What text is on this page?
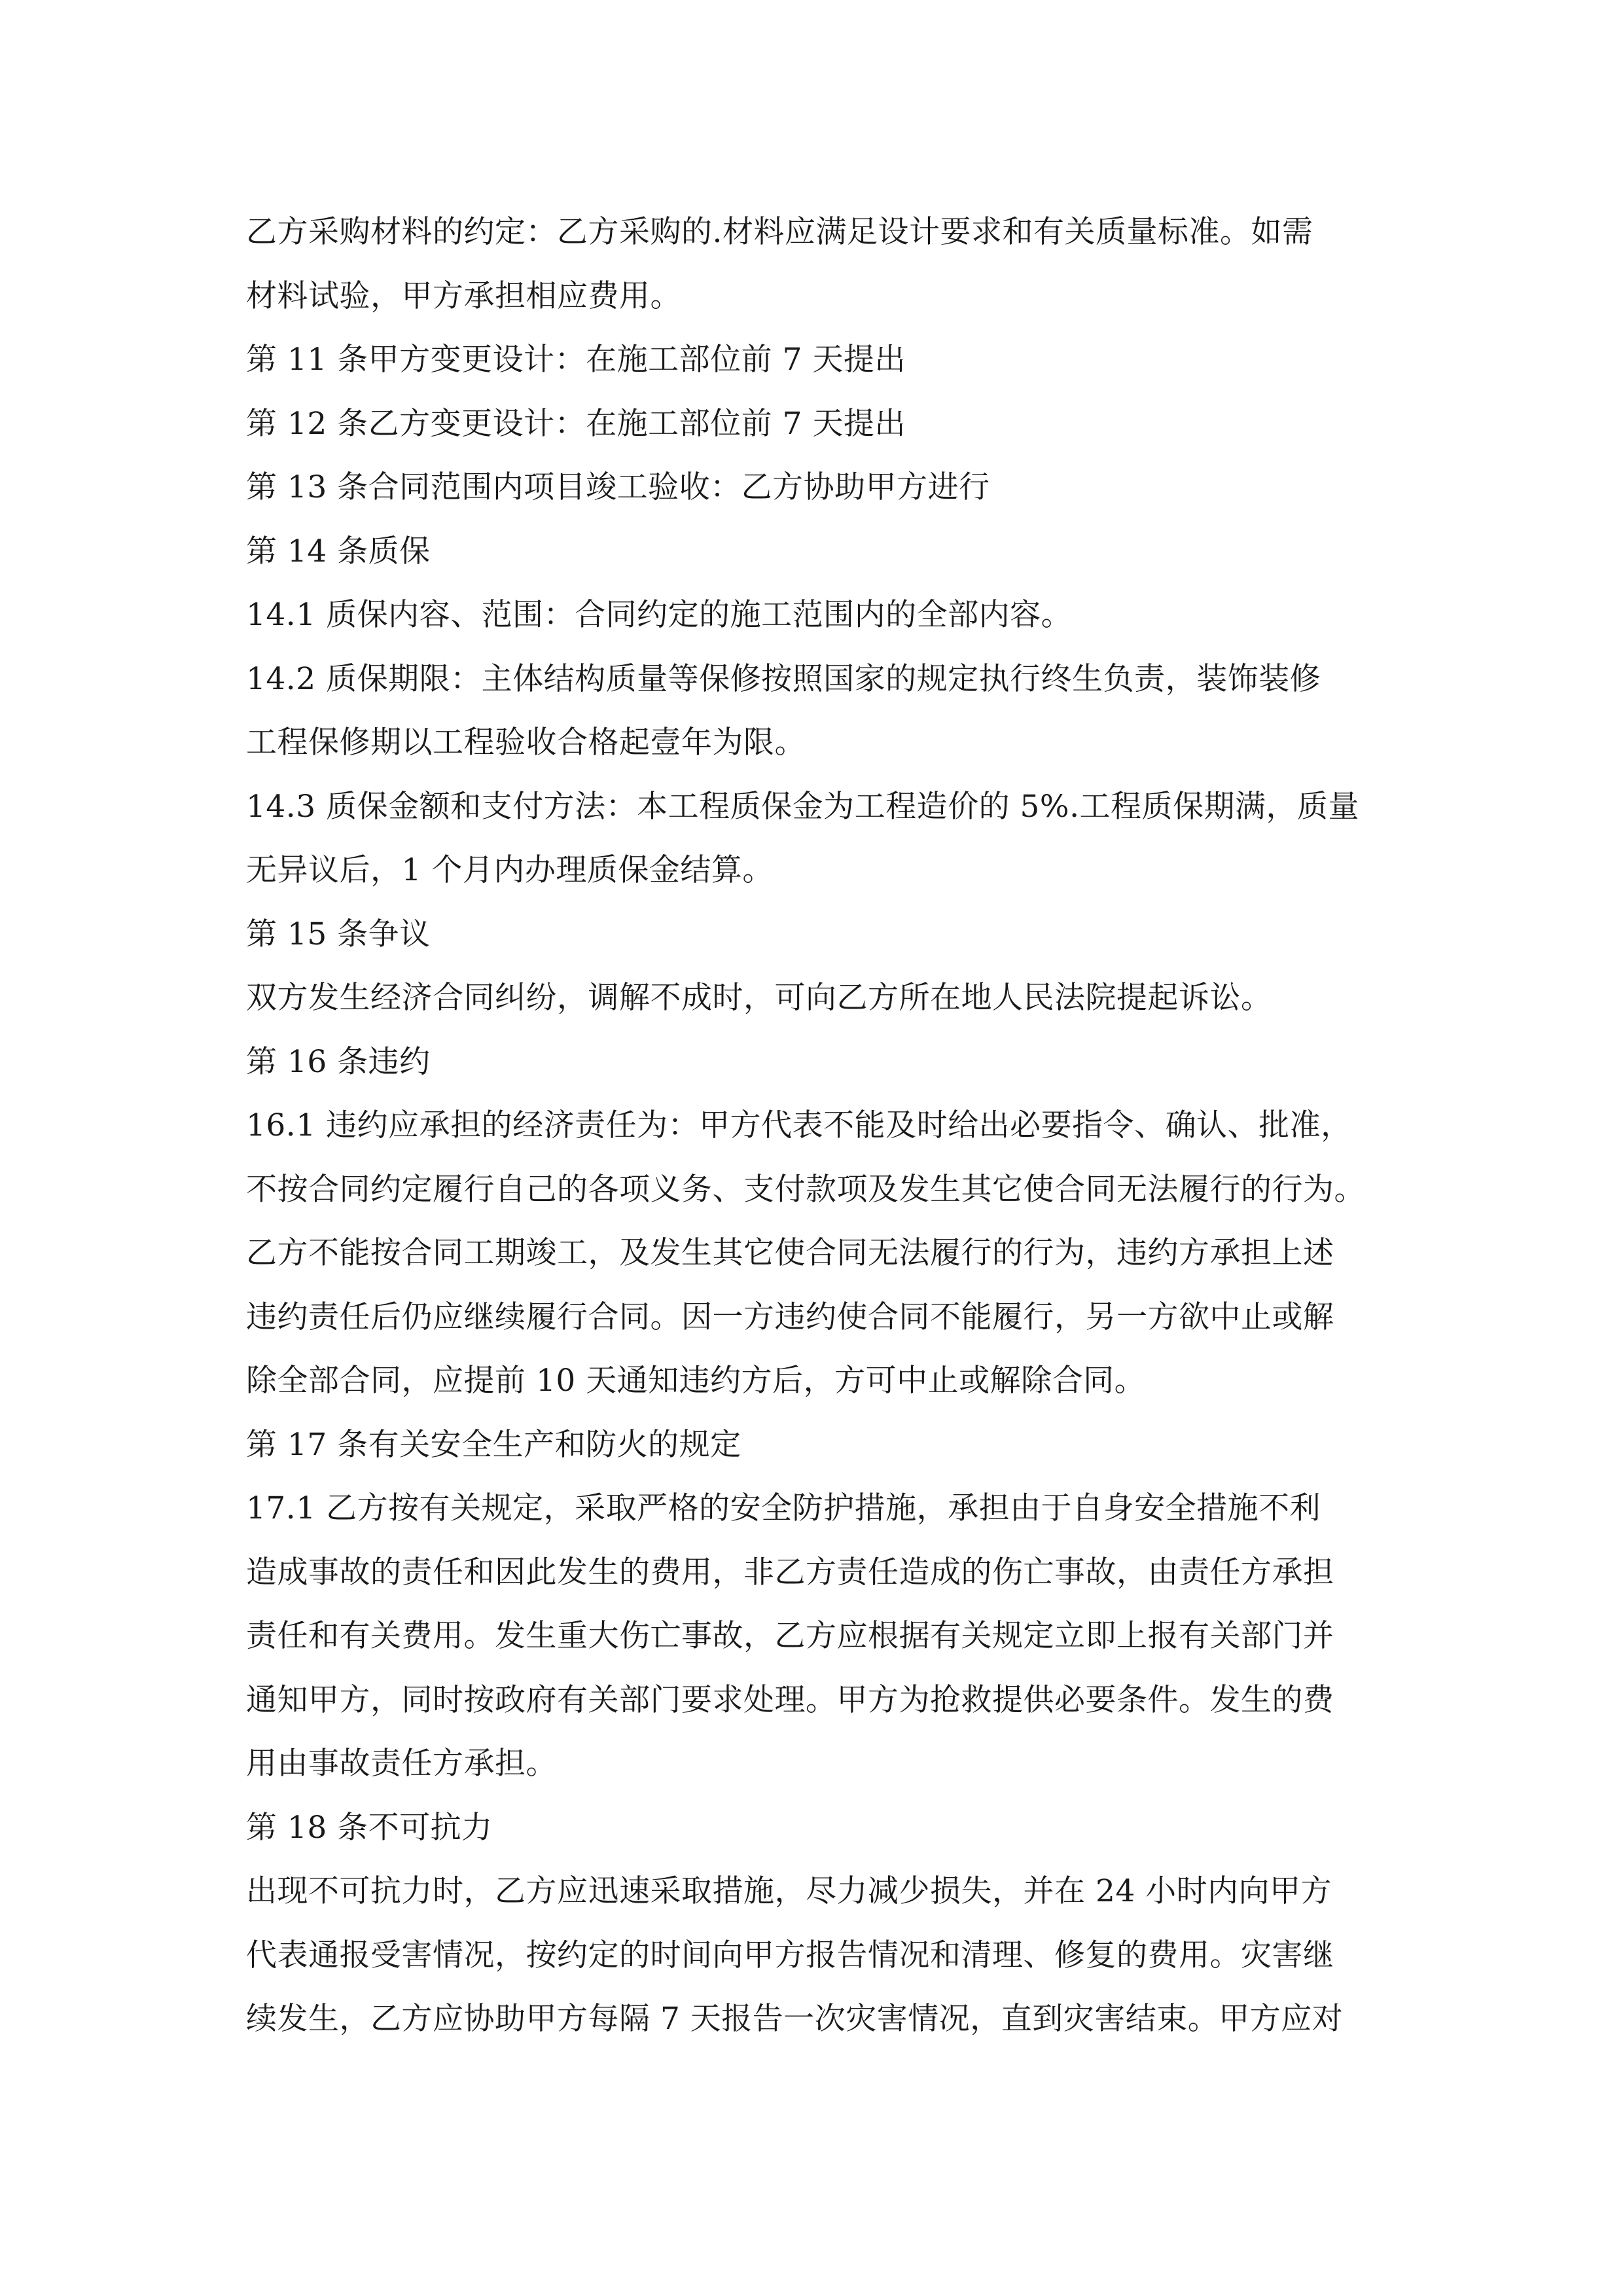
乙方采购材料的约定：乙方采购的.材料应满足设计要求和有关质量标准。如需
材料试验，甲方承担相应费用。
第 11 条甲方变更设计：在施工部位前 7 天提出
第 12 条乙方变更设计：在施工部位前 7 天提出
第 13 条合同范围内项目竣工验收：乙方协助甲方进行
第 14 条质保
14.1 质保内容、范围：合同约定的施工范围内的全部内容。
14.2 质保期限：主体结构质量等保修按照国家的规定执行终生负责，装饰装修
工程保修期以工程验收合格起壹年为限。
14.3 质保金额和支付方法：本工程质保金为工程造价的 5%.工程质保期满，质量
无异议后，1 个月内办理质保金结算。
第 15 条争议
双方发生经济合同纠纷，调解不成时，可向乙方所在地人民法院提起诉讼。
第 16 条违约
16.1 违约应承担的经济责任为：甲方代表不能及时给出必要指令、确认、批准，
不按合同约定履行自己的各项义务、支付款项及发生其它使合同无法履行的行为。
乙方不能按合同工期竣工，及发生其它使合同无法履行的行为，违约方承担上述
违约责任后仍应继续履行合同。因一方违约使合同不能履行，另一方欲中止或解
除全部合同，应提前 10 天通知违约方后，方可中止或解除合同。
第 17 条有关安全生产和防火的规定
17.1 乙方按有关规定，采取严格的安全防护措施，承担由于自身安全措施不利
造成事故的责任和因此发生的费用，非乙方责任造成的伤亡事故，由责任方承担
责任和有关费用。发生重大伤亡事故，乙方应根据有关规定立即上报有关部门并
通知甲方，同时按政府有关部门要求处理。甲方为抢救提供必要条件。发生的费
用由事故责任方承担。
第 18 条不可抗力
出现不可抗力时，乙方应迅速采取措施，尽力减少损失，并在 24 小时内向甲方
代表通报受害情况，按约定的时间向甲方报告情况和清理、修复的费用。灾害继
续发生，乙方应协助甲方每隔 7 天报告一次灾害情况，直到灾害结束。甲方应对
